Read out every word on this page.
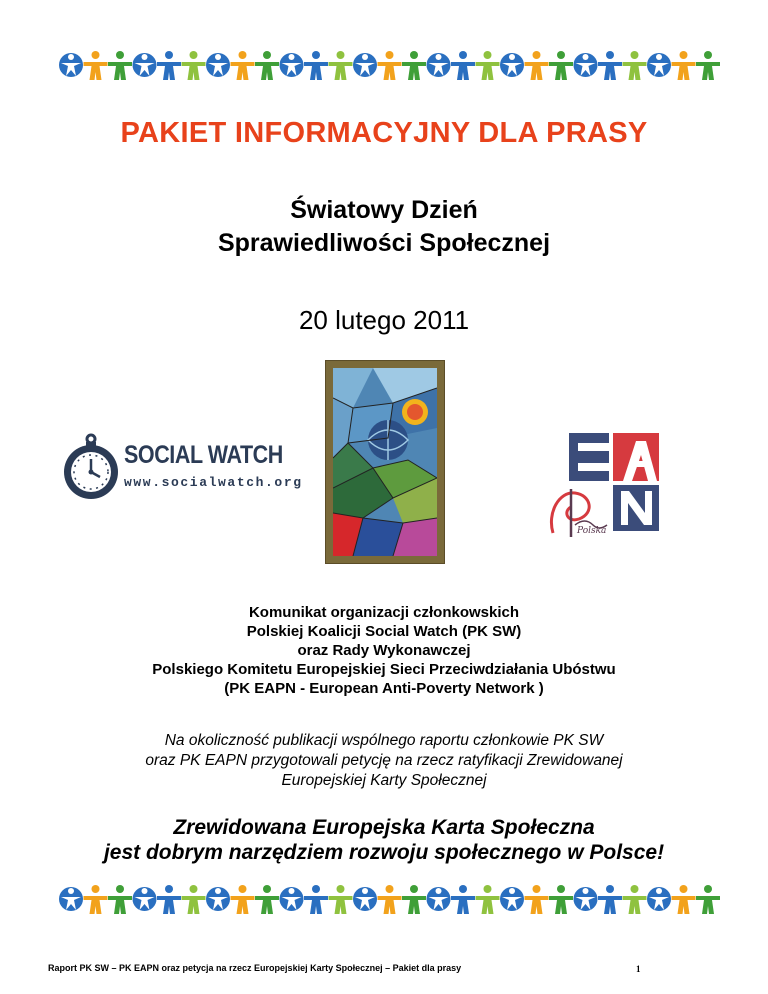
PAKIET INFORMACYJNY DLA PRASY
Światowy Dzień
Sprawiedliwości Społecznej
20 lutego 2011
SOCIAL WATCH
www.socialwatch.org
Polska
Komunikat organizacji członkowskich
Polskiej Koalicji Social Watch (PK SW)
oraz Rady Wykonawczej
Polskiego Komitetu Europejskiej Sieci Przeciwdziałania Ubóstwu
(PK EAPN - European Anti-Poverty Network )
Na okoliczność publikacji wspólnego raportu członkowie PK SW
oraz PK EAPN przygotowali petycję na rzecz ratyfikacji Zrewidowanej
Europejskiej Karty Społecznej
Zrewidowana Europejska Karta Społeczna
jest dobrym narzędziem rozwoju społecznego w Polsce!
Raport PK SW – PK EAPN oraz petycja na rzecz Europejskiej Karty Społecznej – Pakiet dla prasy	1
